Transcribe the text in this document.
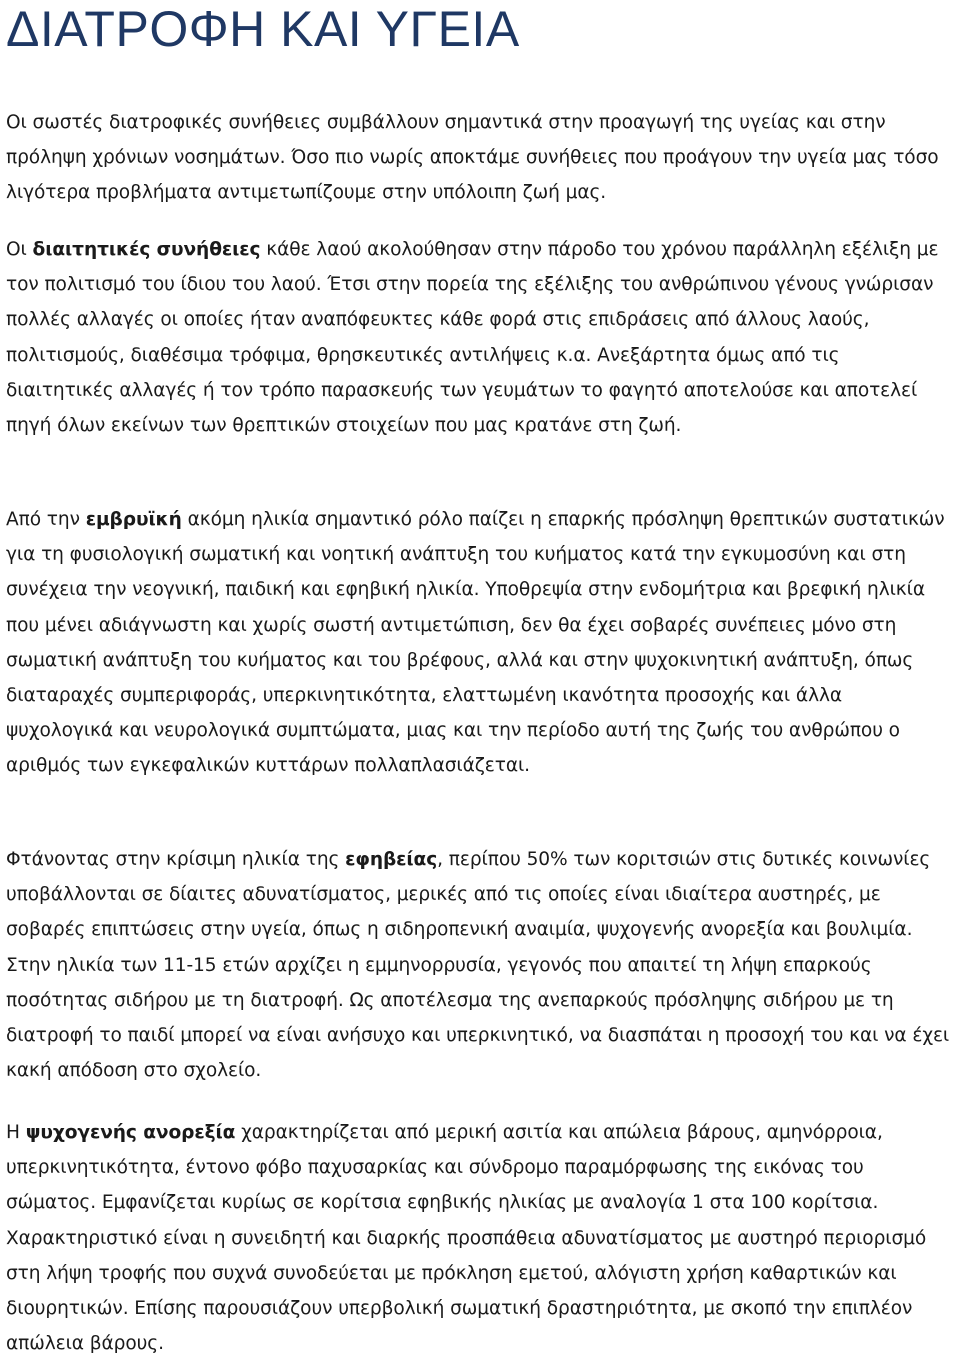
ΔΙΑΤΡΟΦΗ ΚΑΙ ΥΓΕΙΑ

Οι σωστές διατροφικές συνήθειες συμβάλλουν σημαντικά στην προαγωγή της υγείας και στην πρόληψη χρόνιων νοσημάτων. Όσο πιο νωρίς αποκτάμε συνήθειες που προάγουν την υγεία μας τόσο λιγότερα προβλήματα αντιμετωπίζουμε στην υπόλοιπη ζωή μας.

Οι διαιτητικές συνήθειες κάθε λαού ακολούθησαν στην πάροδο του χρόνου παράλληλη εξέλιξη με τον πολιτισμό του ίδιου του λαού. Έτσι στην πορεία της εξέλιξης του ανθρώπινου γένους γνώρισαν πολλές αλλαγές οι οποίες ήταν αναπόφευκτες κάθε φορά στις επιδράσεις από άλλους λαούς, πολιτισμούς, διαθέσιμα τρόφιμα, θρησκευτικές αντιλήψεις κ.α. Ανεξάρτητα όμως από τις διαιτητικές αλλαγές ή τον τρόπο παρασκευής των γευμάτων το φαγητό αποτελούσε και αποτελεί πηγή όλων εκείνων των θρεπτικών στοιχείων που μας κρατάνε στη ζωή.

Από την εμβρυϊκή ακόμη ηλικία σημαντικό ρόλο παίζει η επαρκής πρόσληψη θρεπτικών συστατικών για τη φυσιολογική σωματική και νοητική ανάπτυξη του κυήματος κατά την εγκυμοσύνη και στη συνέχεια την νεογνική, παιδική και εφηβική ηλικία. Υποθρεψία στην ενδομήτρια και βρεφική ηλικία που μένει αδιάγνωστη και χωρίς σωστή αντιμετώπιση, δεν θα έχει σοβαρές συνέπειες μόνο στη σωματική ανάπτυξη του κυήματος και του βρέφους, αλλά και στην ψυχοκινητική ανάπτυξη, όπως διαταραχές συμπεριφοράς, υπερκινητικότητα, ελαττωμένη ικανότητα προσοχής και άλλα ψυχολογικά και νευρολογικά συμπτώματα, μιας και την περίοδο αυτή της ζωής του ανθρώπου ο αριθμός των εγκεφαλικών κυττάρων πολλαπλασιάζεται.

Φτάνοντας στην κρίσιμη ηλικία της εφηβείας, περίπου 50% των κοριτσιών στις δυτικές κοινωνίες υποβάλλονται σε δίαιτες αδυνατίσματος, μερικές από τις οποίες είναι ιδιαίτερα αυστηρές, με σοβαρές επιπτώσεις στην υγεία, όπως η σιδηροπενική αναιμία, ψυχογενής ανορεξία και βουλιμία. Στην ηλικία των 11-15 ετών αρχίζει η εμμηνορρυσία, γεγονός που απαιτεί τη λήψη επαρκούς ποσότητας σιδήρου με τη διατροφή. Ως αποτέλεσμα της ανεπαρκούς πρόσληψης σιδήρου με τη διατροφή το παιδί μπορεί να είναι ανήσυχο και υπερκινητικό, να διασπάται η προσοχή του και να έχει κακή απόδοση στο σχολείο.

Η ψυχογενής ανορεξία χαρακτηρίζεται από μερική ασιτία και απώλεια βάρους, αμηνόρροια, υπερκινητικότητα, έντονο φόβο παχυσαρκίας και σύνδρομο παραμόρφωσης της εικόνας του σώματος. Εμφανίζεται κυρίως σε κορίτσια εφηβικής ηλικίας με αναλογία 1 στα 100 κορίτσια. Χαρακτηριστικό είναι η συνειδητή και διαρκής προσπάθεια αδυνατίσματος με αυστηρό περιορισμό στη λήψη τροφής που συχνά συνοδεύεται με πρόκληση εμετού, αλόγιστη χρήση καθαρτικών και διουρητικών. Επίσης παρουσιάζουν υπερβολική σωματική δραστηριότητα, με σκοπό την επιπλέον απώλεια βάρους.
